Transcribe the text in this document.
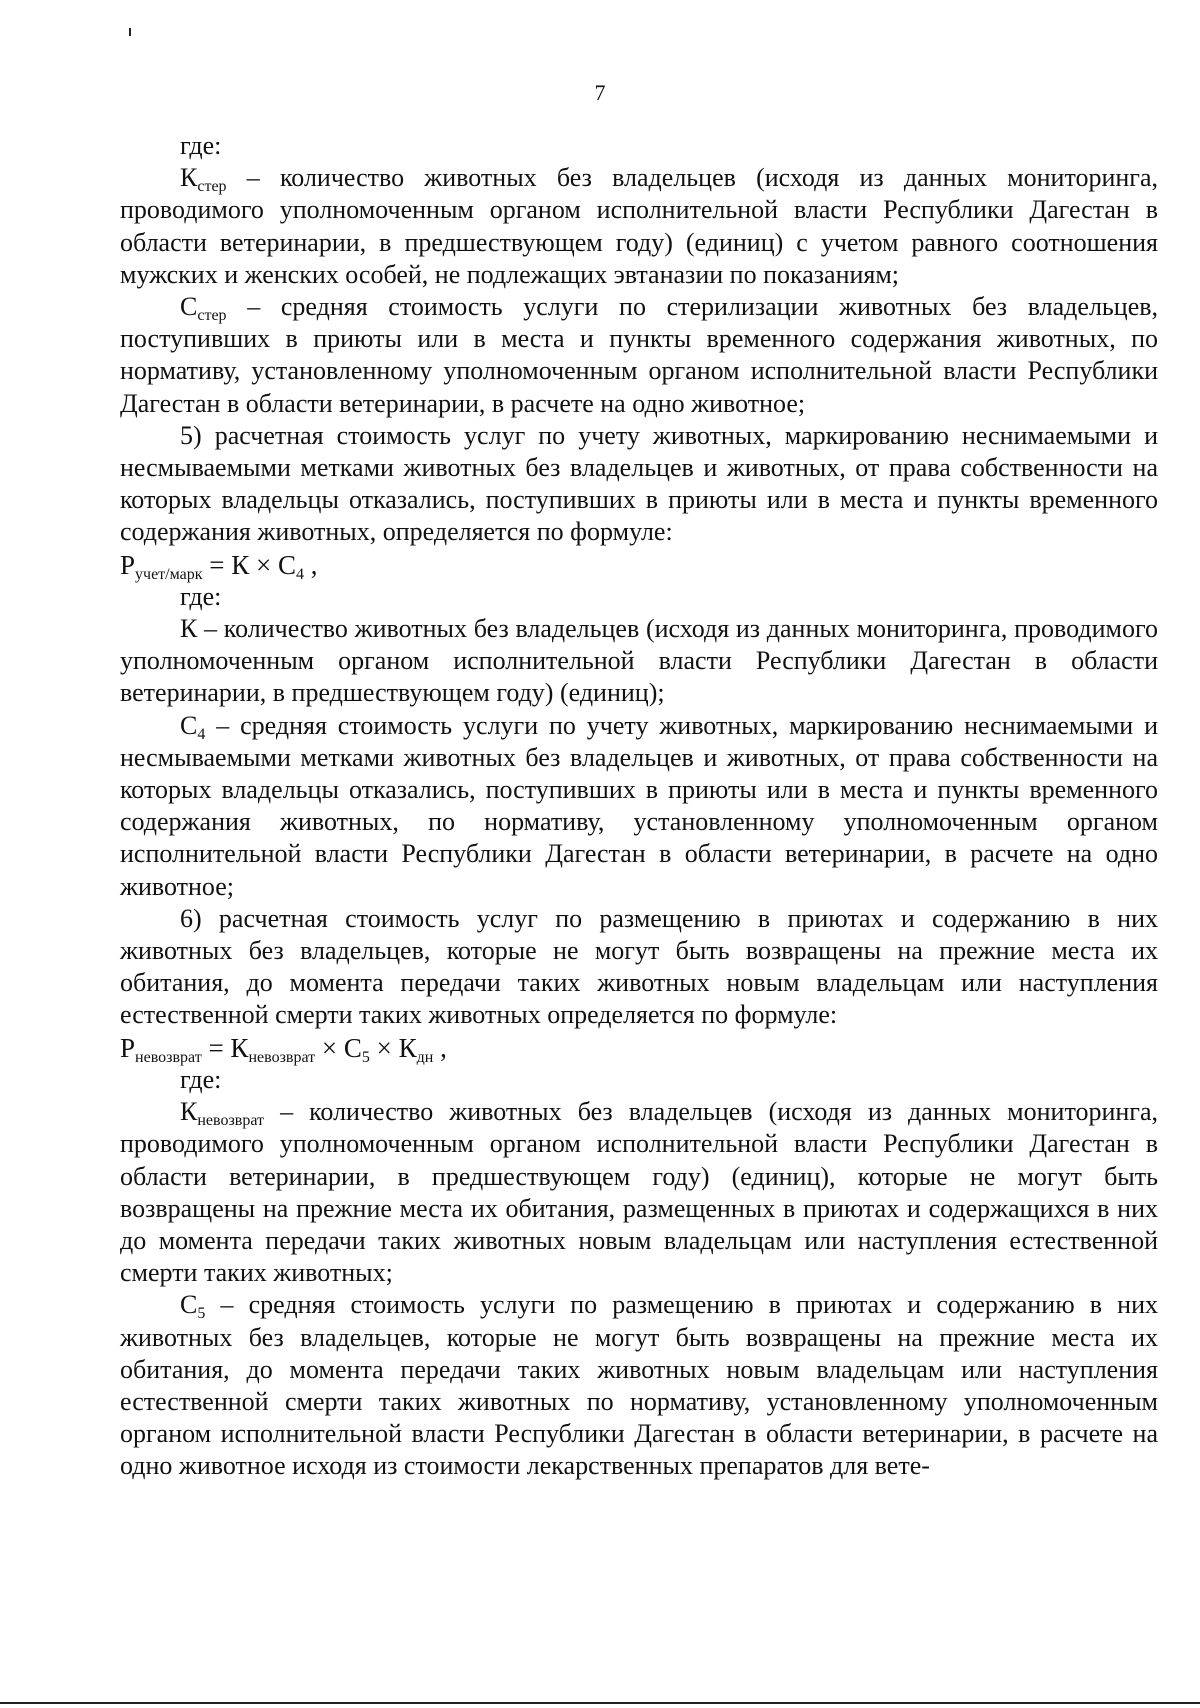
7

где:

$К_{стер}$ – количество животных без владельцев (исходя из данных мониторинга, проводимого уполномоченным органом исполнительной власти Республики Дагестан в области ветеринарии, в предшествующем году) (единиц) с учетом равного соотношения мужских и женских особей, не подлежащих эвтаназии по показаниям;

$С_{стер}$ – средняя стоимость услуги по стерилизации животных без владельцев, поступивших в приюты или в места и пункты временного содержания животных, по нормативу, установленному уполномоченным органом исполнительной власти Республики Дагестан в области ветеринарии, в расчете на одно животное;

5) расчетная стоимость услуг по учету животных, маркированию неснимаемыми и несмываемыми метками животных без владельцев и животных, от права собственности на которых владельцы отказались, поступивших в приюты или в места и пункты временного содержания животных, определяется по формуле:

$Р_{учет/марк} = К \times С_4$ ,

где:

К – количество животных без владельцев (исходя из данных мониторинга, проводимого уполномоченным органом исполнительной власти Республики Дагестан в области ветеринарии, в предшествующем году) (единиц);

$С_4$ – средняя стоимость услуги по учету животных, маркированию неснимаемыми и несмываемыми метками животных без владельцев и животных, от права собственности на которых владельцы отказались, поступивших в приюты или в места и пункты временного содержания животных, по нормативу, установленному уполномоченным органом исполнительной власти Республики Дагестан в области ветеринарии, в расчете на одно животное;

6) расчетная стоимость услуг по размещению в приютах и содержанию в них животных без владельцев, которые не могут быть возвращены на прежние места их обитания, до момента передачи таких животных новым владельцам или наступления естественной смерти таких животных определяется по формуле:

$Р_{невозврат} = К_{невозврат} \times С_5 \times К_{дн}$ ,

где:

$К_{невозврат}$ – количество животных без владельцев (исходя из данных мониторинга, проводимого уполномоченным органом исполнительной власти Республики Дагестан в области ветеринарии, в предшествующем году) (единиц), которые не могут быть возвращены на прежние места их обитания, размещенных в приютах и содержащихся в них до момента передачи таких животных новым владельцам или наступления естественной смерти таких животных;

$С_5$ – средняя стоимость услуги по размещению в приютах и содержанию в них животных без владельцев, которые не могут быть возвращены на прежние места их обитания, до момента передачи таких животных новым владельцам или наступления естественной смерти таких животных по нормативу, установленному уполномоченным органом исполнительной власти Республики Дагестан в области ветеринарии, в расчете на одно животное исходя из стоимости лекарственных препаратов для вете-
